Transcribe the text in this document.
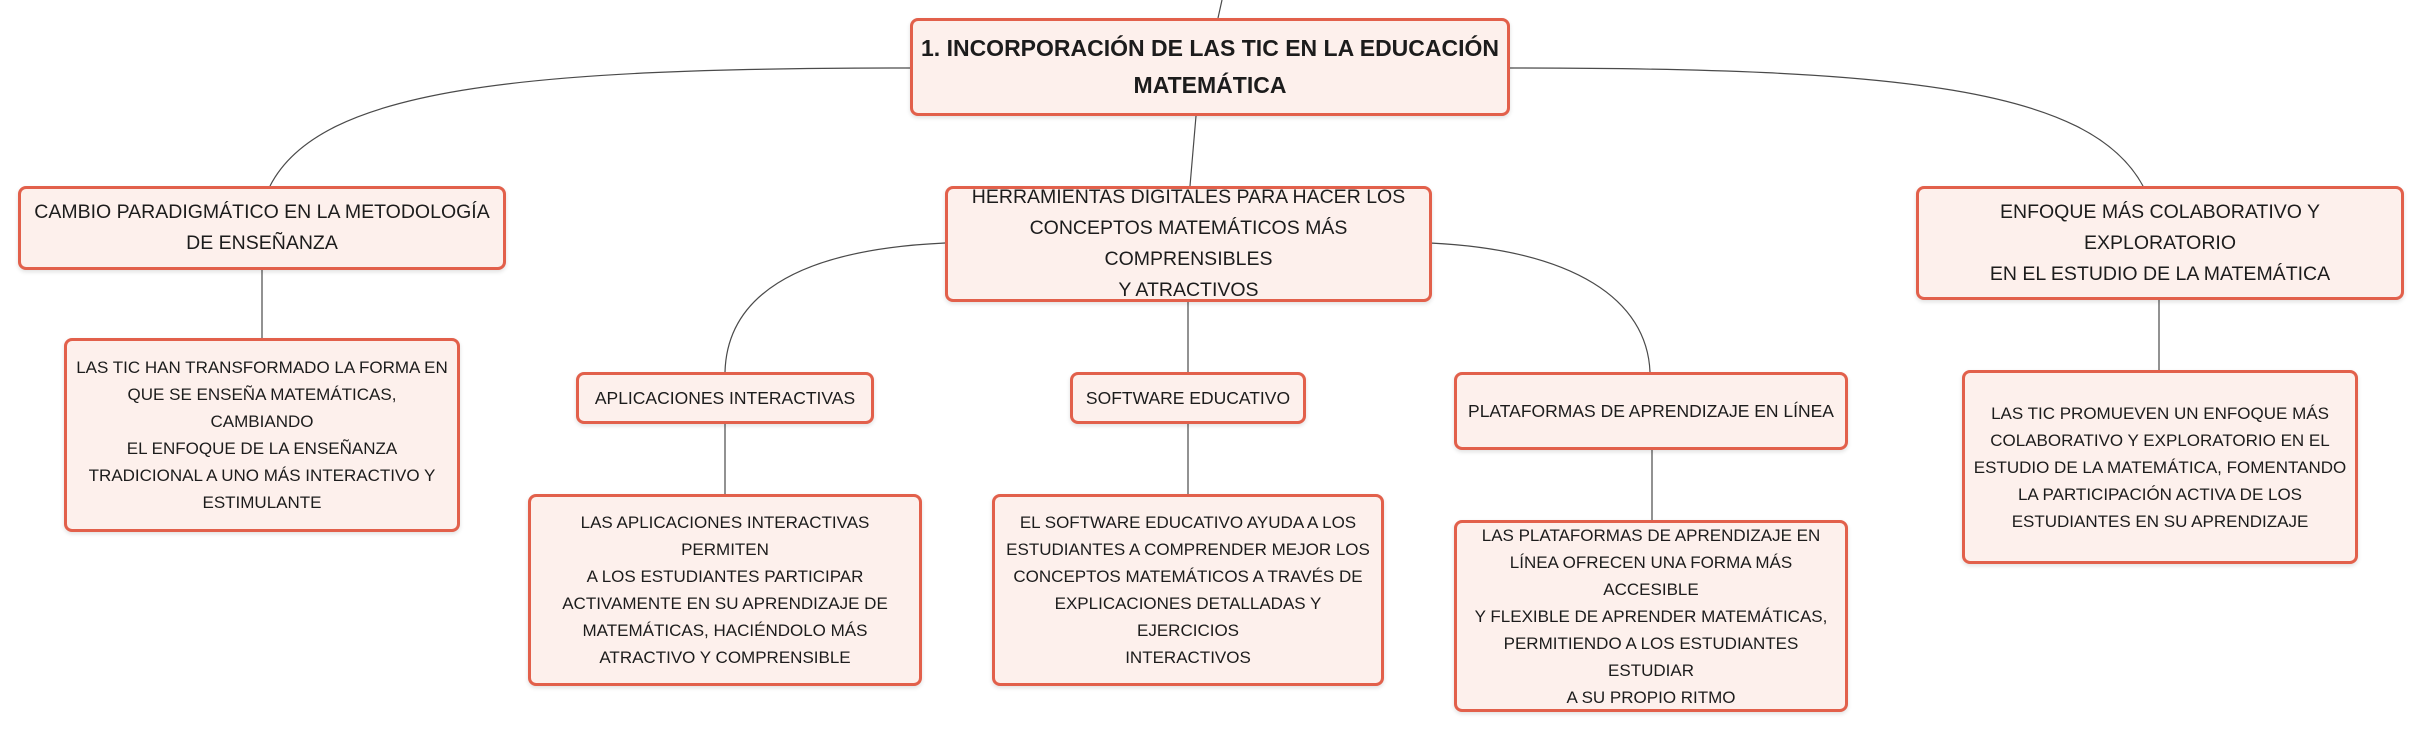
1. INCORPORACIÓN DE LAS TIC EN LA EDUCACIÓN
MATEMÁTICA
CAMBIO PARADIGMÁTICO EN LA METODOLOGÍA
DE ENSEÑANZA
LAS TIC HAN TRANSFORMADO LA FORMA EN
QUE SE ENSEÑA MATEMÁTICAS, CAMBIANDO
EL ENFOQUE DE LA ENSEÑANZA
TRADICIONAL A UNO MÁS INTERACTIVO Y
ESTIMULANTE
HERRAMIENTAS DIGITALES PARA HACER LOS
CONCEPTOS MATEMÁTICOS MÁS COMPRENSIBLES
Y ATRACTIVOS
APLICACIONES INTERACTIVAS
LAS APLICACIONES INTERACTIVAS PERMITEN
A LOS ESTUDIANTES PARTICIPAR
ACTIVAMENTE EN SU APRENDIZAJE DE
MATEMÁTICAS, HACIÉNDOLO MÁS
ATRACTIVO Y COMPRENSIBLE
SOFTWARE EDUCATIVO
EL SOFTWARE EDUCATIVO AYUDA A LOS
ESTUDIANTES A COMPRENDER MEJOR LOS
CONCEPTOS MATEMÁTICOS A TRAVÉS DE
EXPLICACIONES DETALLADAS Y EJERCICIOS
INTERACTIVOS
PLATAFORMAS DE APRENDIZAJE EN LÍNEA
LAS PLATAFORMAS DE APRENDIZAJE EN
LÍNEA OFRECEN UNA FORMA MÁS ACCESIBLE
Y FLEXIBLE DE APRENDER MATEMÁTICAS,
PERMITIENDO A LOS ESTUDIANTES ESTUDIAR
A SU PROPIO RITMO
ENFOQUE MÁS COLABORATIVO Y EXPLORATORIO
EN EL ESTUDIO DE LA MATEMÁTICA
LAS TIC PROMUEVEN UN ENFOQUE MÁS
COLABORATIVO Y EXPLORATORIO EN EL
ESTUDIO DE LA MATEMÁTICA, FOMENTANDO
LA PARTICIPACIÓN ACTIVA DE LOS
ESTUDIANTES EN SU APRENDIZAJE
